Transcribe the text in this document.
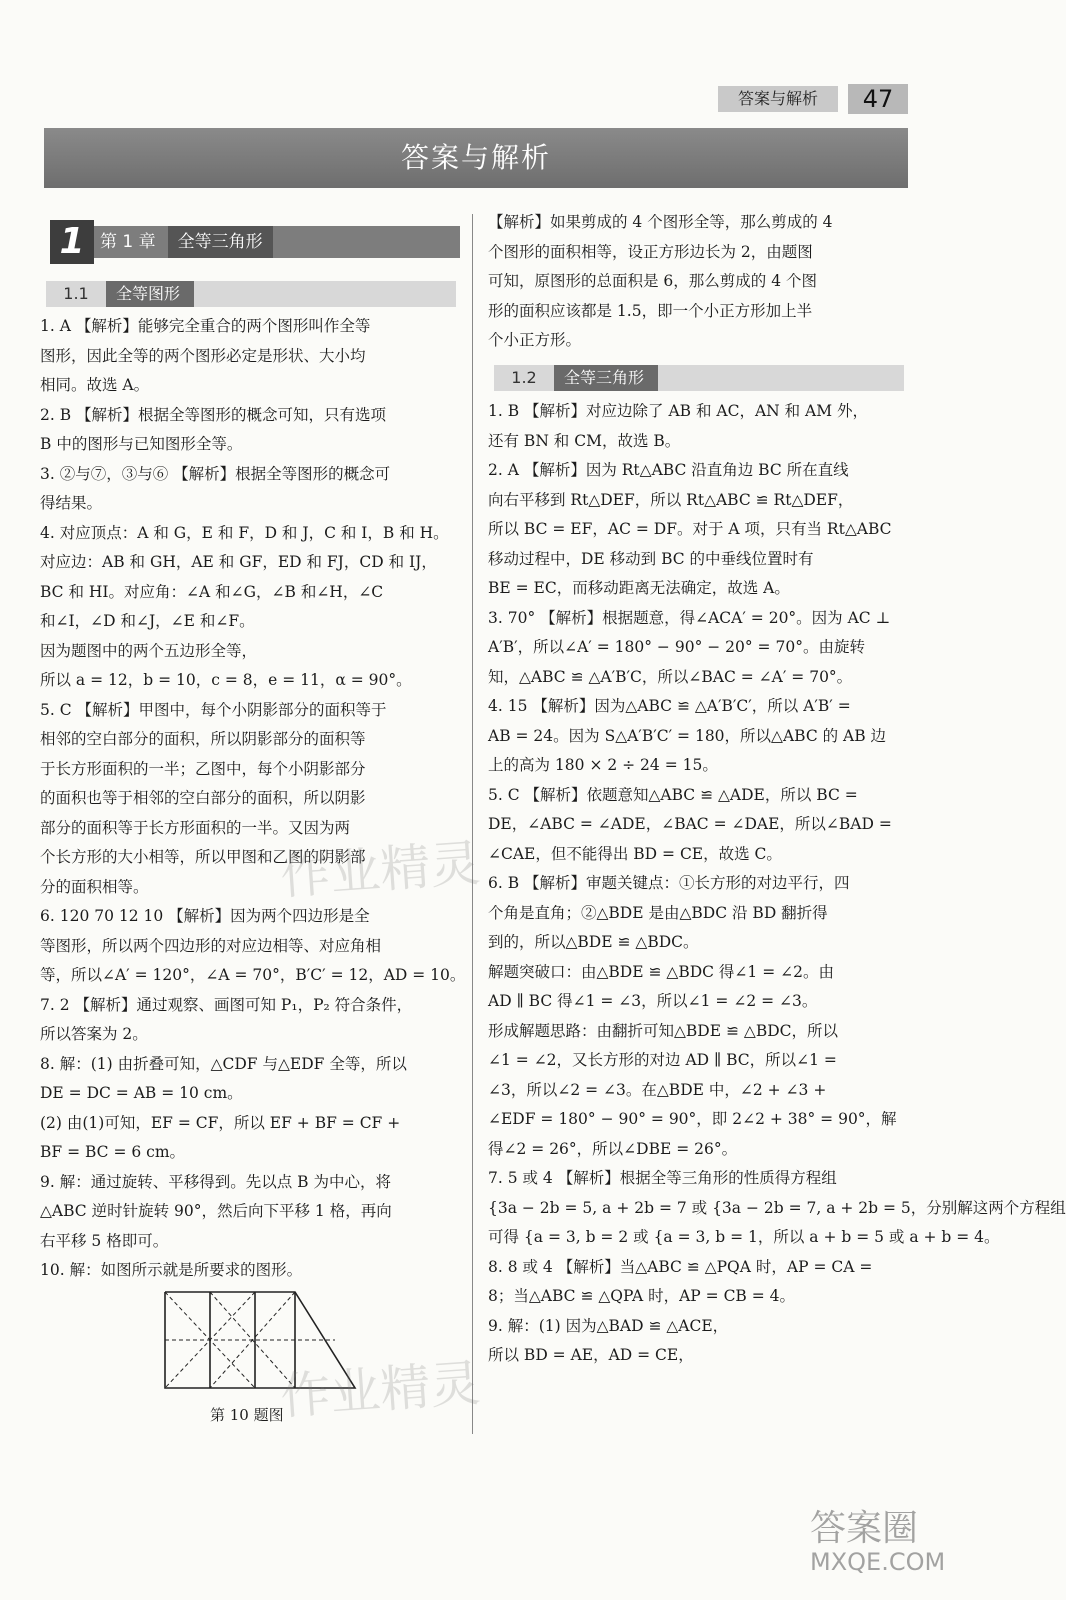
答案与解析	47
答案与解析
1 第 1 章 全等三角形
1.1 全等图形
1.2 全等三角形

1. A 【解析】能够完全重合的两个图形叫作全等

图形，因此全等的两个图形必定是形状、大小均

相同。故选 A。

2. B 【解析】根据全等图形的概念可知，只有选项

B 中的图形与已知图形全等。

3. ②与⑦，③与⑥ 【解析】根据全等图形的概念可

得结果。

4. 对应顶点：A 和 G，E 和 F，D 和 J，C 和 I，B 和 H。

对应边：AB 和 GH，AE 和 GF，ED 和 FJ，CD 和 IJ，

BC 和 HI。对应角：∠A 和∠G，∠B 和∠H，∠C

和∠I，∠D 和∠J，∠E 和∠F。

因为题图中的两个五边形全等，

所以 a = 12，b = 10，c = 8，e = 11，α = 90°。

5. C 【解析】甲图中，每个小阴影部分的面积等于

相邻的空白部分的面积，所以阴影部分的面积等

于长方形面积的一半；乙图中，每个小阴影部分

的面积也等于相邻的空白部分的面积，所以阴影

部分的面积等于长方形面积的一半。又因为两

个长方形的大小相等，所以甲图和乙图的阴影部

分的面积相等。

6. 120 70 12 10 【解析】因为两个四边形是全

等图形，所以两个四边形的对应边相等、对应角相

等，所以∠A′ = 120°，∠A = 70°，B′C′ = 12，AD = 10。

7. 2 【解析】通过观察、画图可知 P₁，P₂ 符合条件，

所以答案为 2。

8. 解：(1) 由折叠可知，△CDF 与△EDF 全等，所以

DE = DC = AB = 10 cm。

(2) 由(1)可知，EF = CF，所以 EF + BF = CF +

BF = BC = 6 cm。

9. 解：通过旋转、平移得到。先以点 B 为中心，将

△ABC 逆时针旋转 90°，然后向下平移 1 格，再向

右平移 5 格即可。

10. 解：如图所示就是所要求的图形。

【解析】如果剪成的 4 个图形全等，那么剪成的 4

个图形的面积相等，设正方形边长为 2，由题图

可知，原图形的总面积是 6，那么剪成的 4 个图

形的面积应该都是 1.5，即一个小正方形加上半

个小正方形。

1. B 【解析】对应边除了 AB 和 AC，AN 和 AM 外，

还有 BN 和 CM，故选 B。

2. A 【解析】因为 Rt△ABC 沿直角边 BC 所在直线

向右平移到 Rt△DEF，所以 Rt△ABC ≌ Rt△DEF，

所以 BC = EF，AC = DF。对于 A 项，只有当 Rt△ABC

移动过程中，DE 移动到 BC 的中垂线位置时有

BE = EC，而移动距离无法确定，故选 A。

3. 70° 【解析】根据题意，得∠ACA′ = 20°。因为 AC ⊥

A′B′，所以∠A′ = 180° − 90° − 20° = 70°。由旋转

知，△ABC ≌ △A′B′C，所以∠BAC = ∠A′ = 70°。

4. 15 【解析】因为△ABC ≌ △A′B′C′，所以 A′B′ =

AB = 24。因为 S△A′B′C′ = 180，所以△ABC 的 AB 边

上的高为 180 × 2 ÷ 24 = 15。

5. C 【解析】依题意知△ABC ≌ △ADE，所以 BC =

DE，∠ABC = ∠ADE，∠BAC = ∠DAE，所以∠BAD =

∠CAE，但不能得出 BD = CE，故选 C。

6. B 【解析】审题关键点：①长方形的对边平行，四

个角是直角；②△BDE 是由△BDC 沿 BD 翻折得

到的，所以△BDE ≌ △BDC。

解题突破口：由△BDE ≌ △BDC 得∠1 = ∠2。由

AD ∥ BC 得∠1 = ∠3，所以∠1 = ∠2 = ∠3。

形成解题思路：由翻折可知△BDE ≌ △BDC，所以

∠1 = ∠2，又长方形的对边 AD ∥ BC，所以∠1 =

∠3，所以∠2 = ∠3。在△BDE 中，∠2 + ∠3 +

∠EDF = 180° − 90° = 90°，即 2∠2 + 38° = 90°，解

得∠2 = 26°，所以∠DBE = 26°。

7. 5 或 4 【解析】根据全等三角形的性质得方程组

{3a − 2b = 5, a + 2b = 7 或 {3a − 2b = 7, a + 2b = 5，分别解这两个方程组

可得 {a = 3, b = 2 或 {a = 3, b = 1，所以 a + b = 5 或 a + b = 4。

8. 8 或 4 【解析】当△ABC ≌ △PQA 时，AP = CA =

8；当△ABC ≌ △QPA 时，AP = CB = 4。

9. 解：(1) 因为△BAD ≌ △ACE，

所以 BD = AE，AD = CE，

第 10 题图
作业精灵
作业精灵
答案圈
MXQE.COM
